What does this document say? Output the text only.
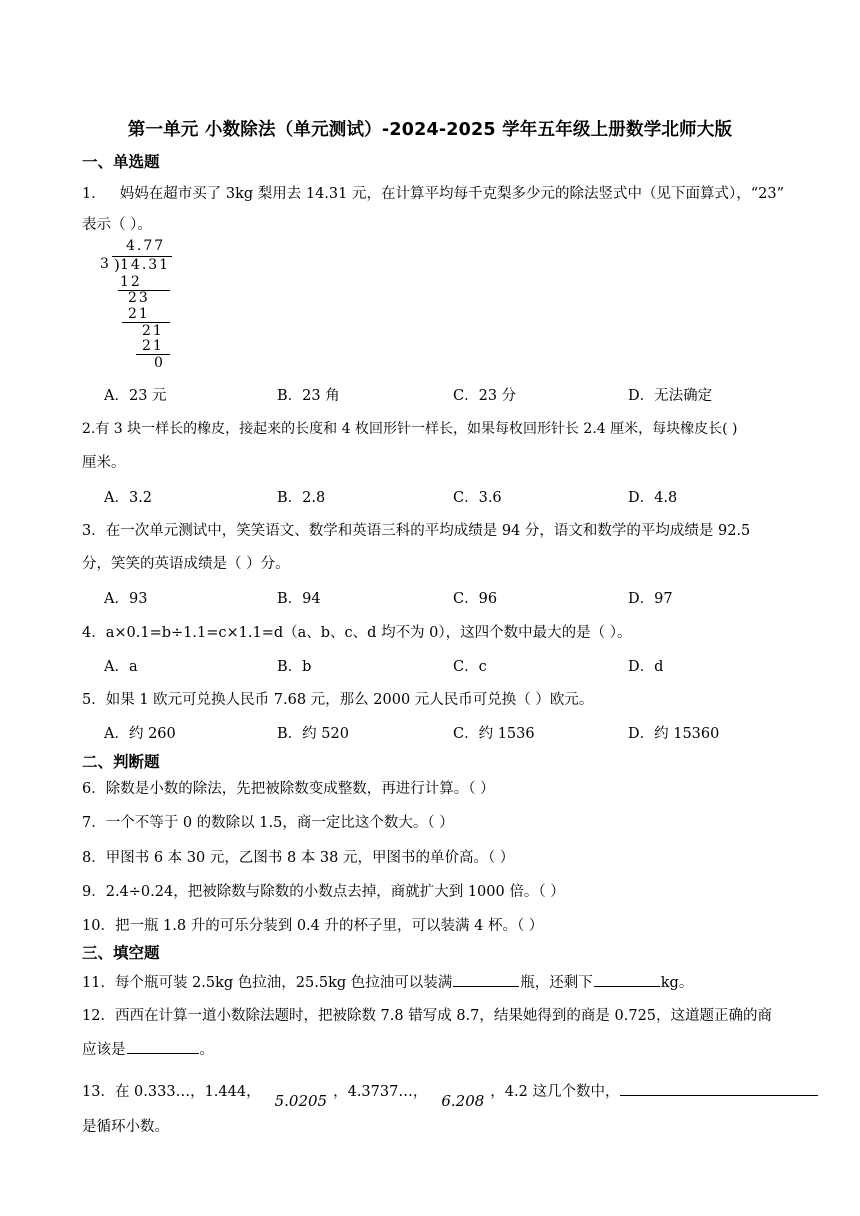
第一单元 小数除法（单元测试）-2024-2025 学年五年级上册数学北师大版
一、单选题
1． 妈妈在超市买了 3kg 梨用去 14.31 元，在计算平均每千克梨多少元的除法竖式中（见下面算式），“23”
表示（ ）。
4.77
3 )
14.31
12
23
21
21
21
0
A．23 元	B．23 角	C．23 分	D．无法确定
2.有 3 块一样长的橡皮，接起来的长度和 4 枚回形针一样长，如果每枚回形针长 2.4 厘米，每块橡皮长( )
厘米。
A．3.2	B．2.8	C．3.6	D．4.8
3．在一次单元测试中，笑笑语文、数学和英语三科的平均成绩是 94 分，语文和数学的平均成绩是 92.5
分，笑笑的英语成绩是（ ）分。
A．93	B．94	C．96	D．97
4．a×0.1=b÷1.1=c×1.1=d（a、b、c、d 均不为 0），这四个数中最大的是（ ）。
A．a	B．b	C．c	D．d
5．如果 1 欧元可兑换人民币 7.68 元，那么 2000 元人民币可兑换（ ）欧元。
A．约 260	B．约 520	C．约 1536	D．约 15360
二、判断题
6．除数是小数的除法，先把被除数变成整数，再进行计算。（ ）
7．一个不等于 0 的数除以 1.5，商一定比这个数大。（ ）
8．甲图书 6 本 30 元，乙图书 8 本 38 元，甲图书的单价高。（ ）
9．2.4÷0.24，把被除数与除数的小数点去掉，商就扩大到 1000 倍。（ ）
10．把一瓶 1.8 升的可乐分装到 0.4 升的杯子里，可以装满 4 杯。（ ）
三、填空题
11．每个瓶可装 2.5kg 色拉油，25.5kg 色拉油可以装满	瓶，还剩下	kg。
12．西西在计算一道小数除法题时，把被除数 7.8 错写成 8.7，结果她得到的商是 0.725，这道题正确的商
应该是	。
13．在 0.333…，1.444， 5.0205 ，4.3737…， 6.208 ，4.2 这几个数中，
是循环小数。
